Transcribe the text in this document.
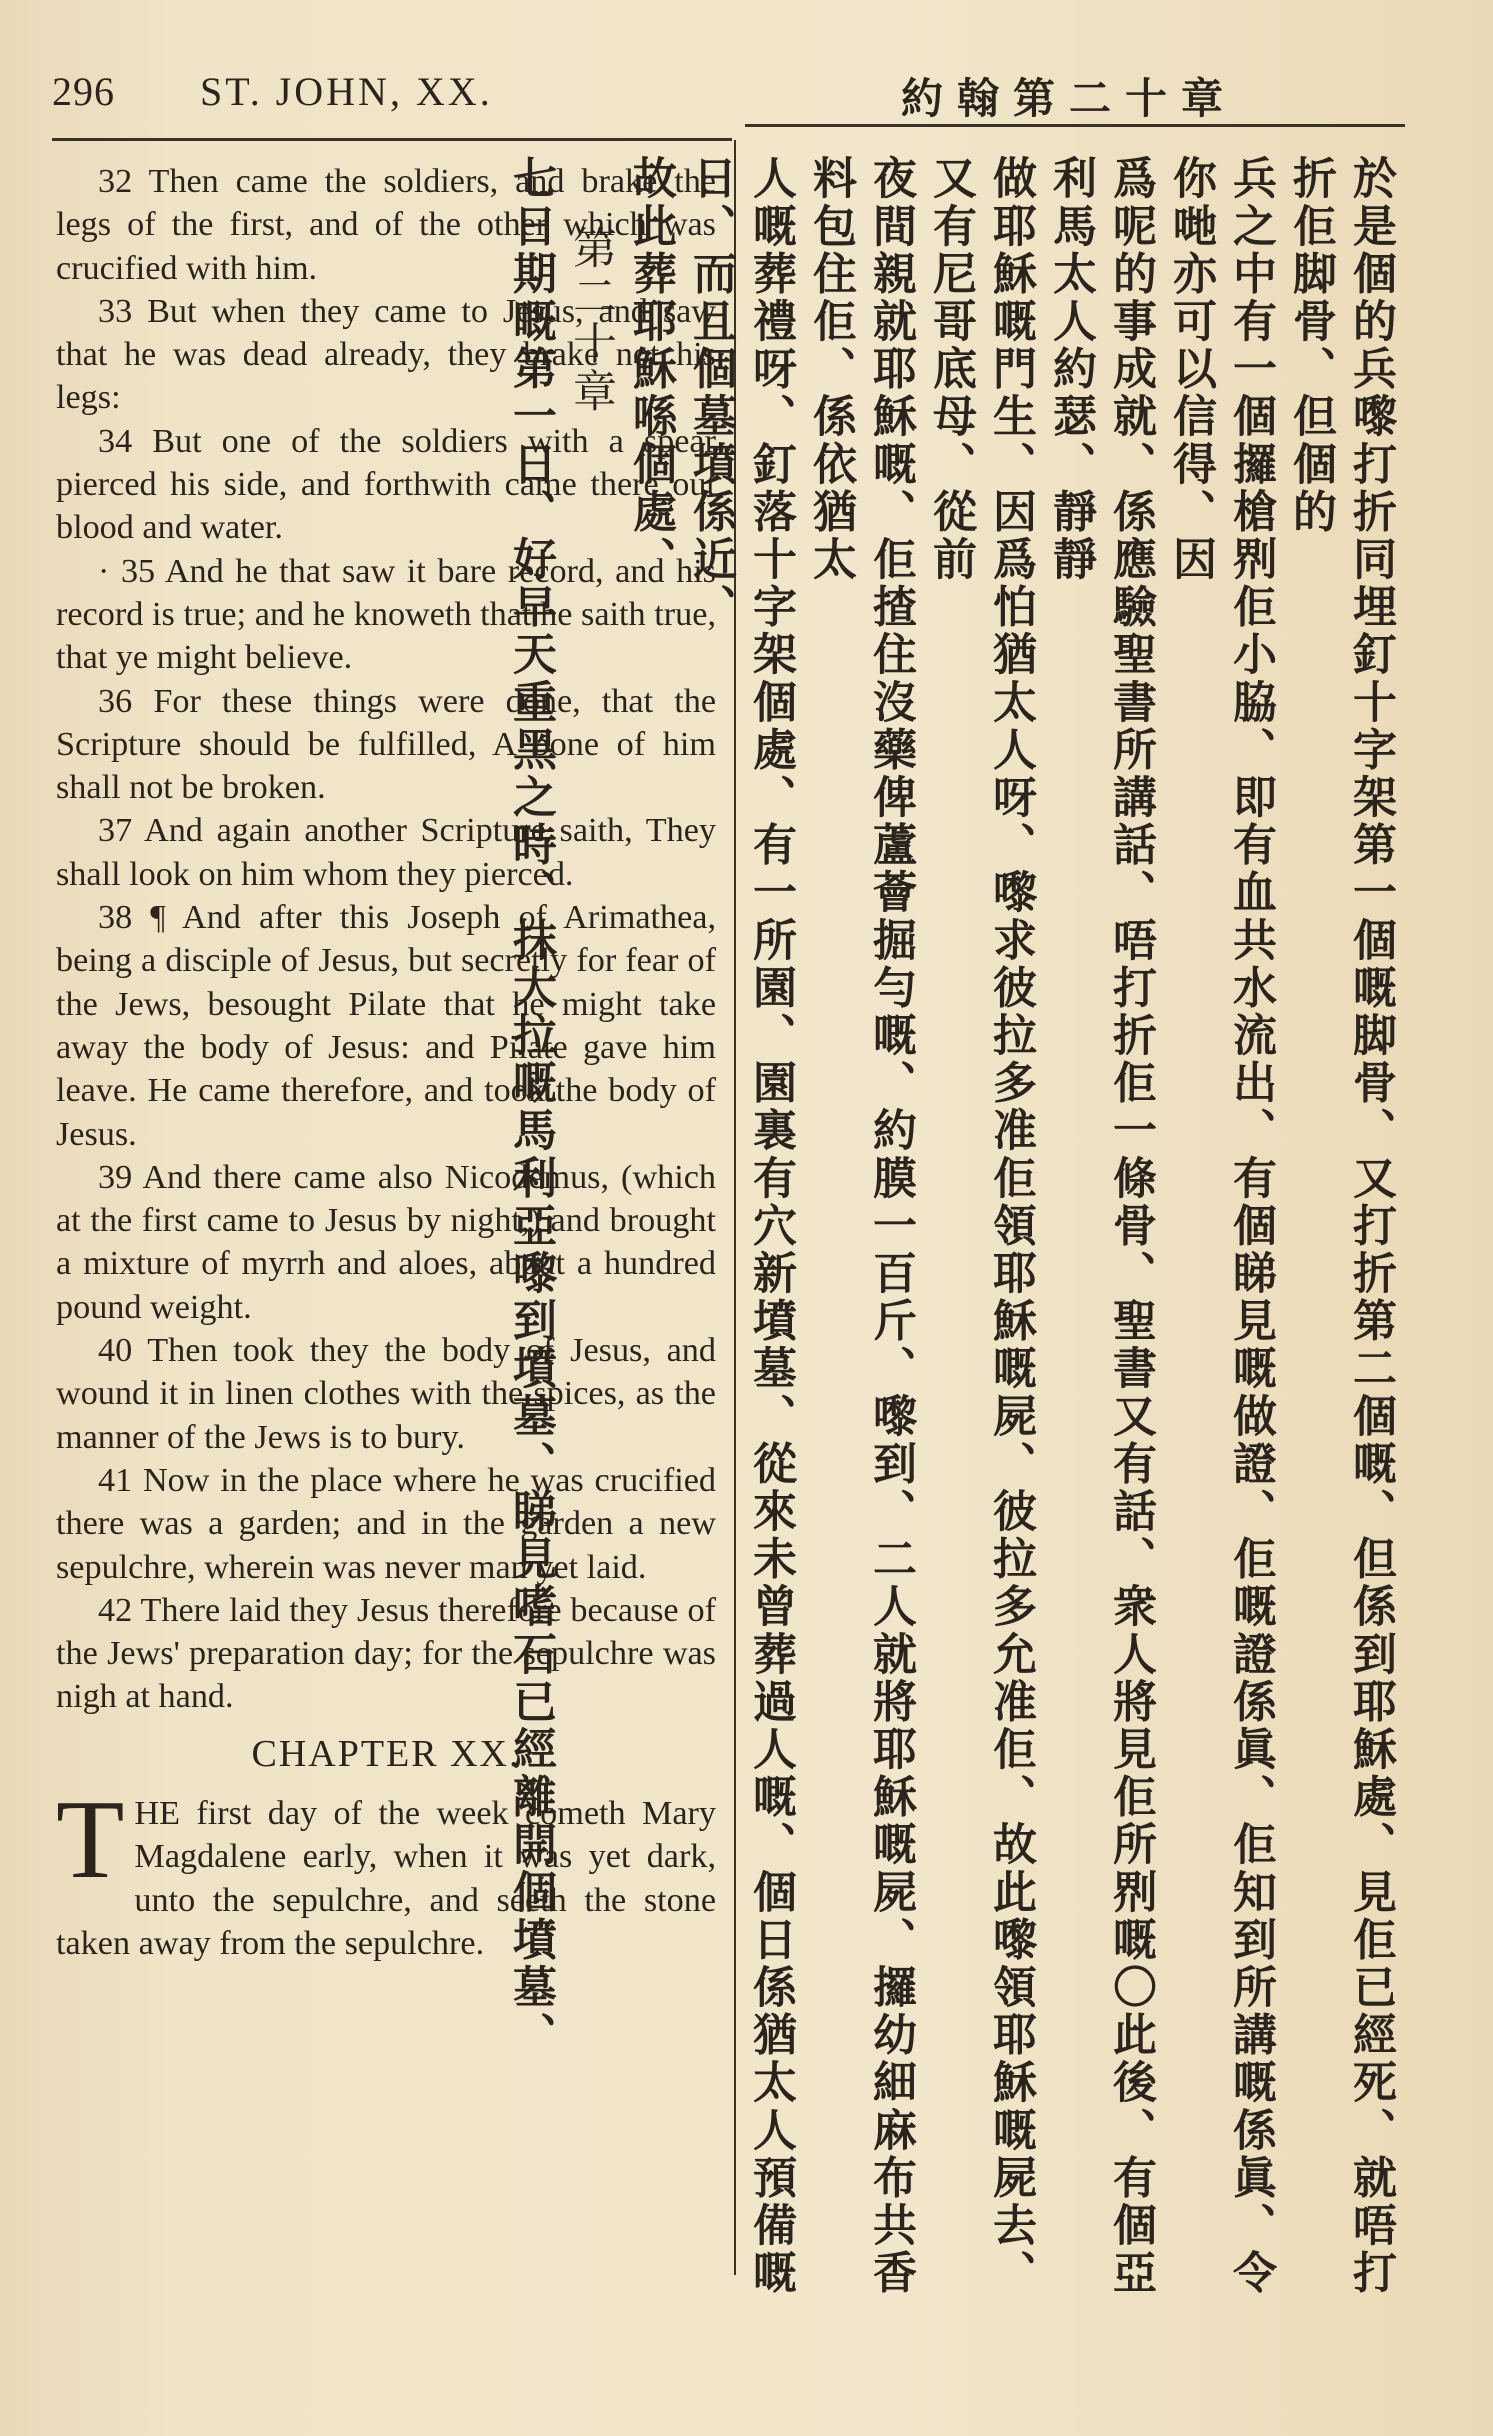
296 ST. JOHN, XX.	約翰第二十章

32 Then came the soldiers, and brake the legs of the first, and of the other which was crucified with him.

33 But when they came to Jesus, and saw that he was dead already, they brake not his legs:

34 But one of the soldiers with a spear pierced his side, and forthwith came there out blood and water.

· 35 And he that saw it bare record, and his record is true; and he knoweth that he saith true, that ye might believe.

36 For these things were done, that the Scripture should be fulfilled, A bone of him shall not be broken.

37 And again another Scripture saith, They shall look on him whom they pierced.

38 ¶ And after this Joseph of Arimathea, being a disciple of Jesus, but secretly for fear of the Jews, besought Pilate that he might take away the body of Jesus: and Pilate gave him leave. He came therefore, and took the body of Jesus.

39 And there came also Nicodemus, (which at the first came to Jesus by night,) and brought a mixture of myrrh and aloes, about a hundred pound weight.

40 Then took they the body of Jesus, and wound it in linen clothes with the spices, as the manner of the Jews is to bury.

41 Now in the place where he was crucified there was a garden; and in the garden a new sepulchre, wherein was never man yet laid.

42 There laid they Jesus therefore because of the Jews' preparation day; for the sepulchre was nigh at hand.

CHAPTER XX.

THE first day of the week cometh Mary Magdalene early, when it was yet dark, unto the sepulchre, and seeth the stone taken away from the sepulchre.	於是個的兵嚟打折同埋釘十字架第一個嘅脚骨、又打折第二個嘅、但係到耶穌處、見佢已經死、就唔打折佢脚骨、但個的

兵之中有一個攞槍𠝹佢小脇、即有血共水流出、有個睇見嘅做證、佢嘅證係眞、佢知到所講嘅係眞、令你哋亦可以信得、因

爲呢的事成就、係應驗聖書所講話、唔打折佢一條骨、聖書又有話、衆人將見佢所𠝹嘅〇此後、有個亞利馬太人約瑟、靜靜

做耶穌嘅門生、因爲怕猶太人呀、嚟求彼拉多准佢領耶穌嘅屍、彼拉多允准佢、故此嚟領耶穌嘅屍去、又有尼哥底母、從前

夜間親就耶穌嘅、佢揸住沒藥俾蘆薈掘勻嘅、約膜一百斤、嚟到、二人就將耶穌嘅屍、攞幼細麻布共香料包住佢、係依猶太

人嘅葬禮呀、釘落十字架個處、有一所園、園裏有穴新墳墓、從來未曾葬過人嘅、個日係猶太人預備嘅日、而且個墓墳係近、

故此葬耶穌喺個處、

第二十章

七日期嘅第一日、好早天重黑之時、抹大拉嘅馬利亞嚟到墳墓、睇見嗜石已經離開個墳墓、
